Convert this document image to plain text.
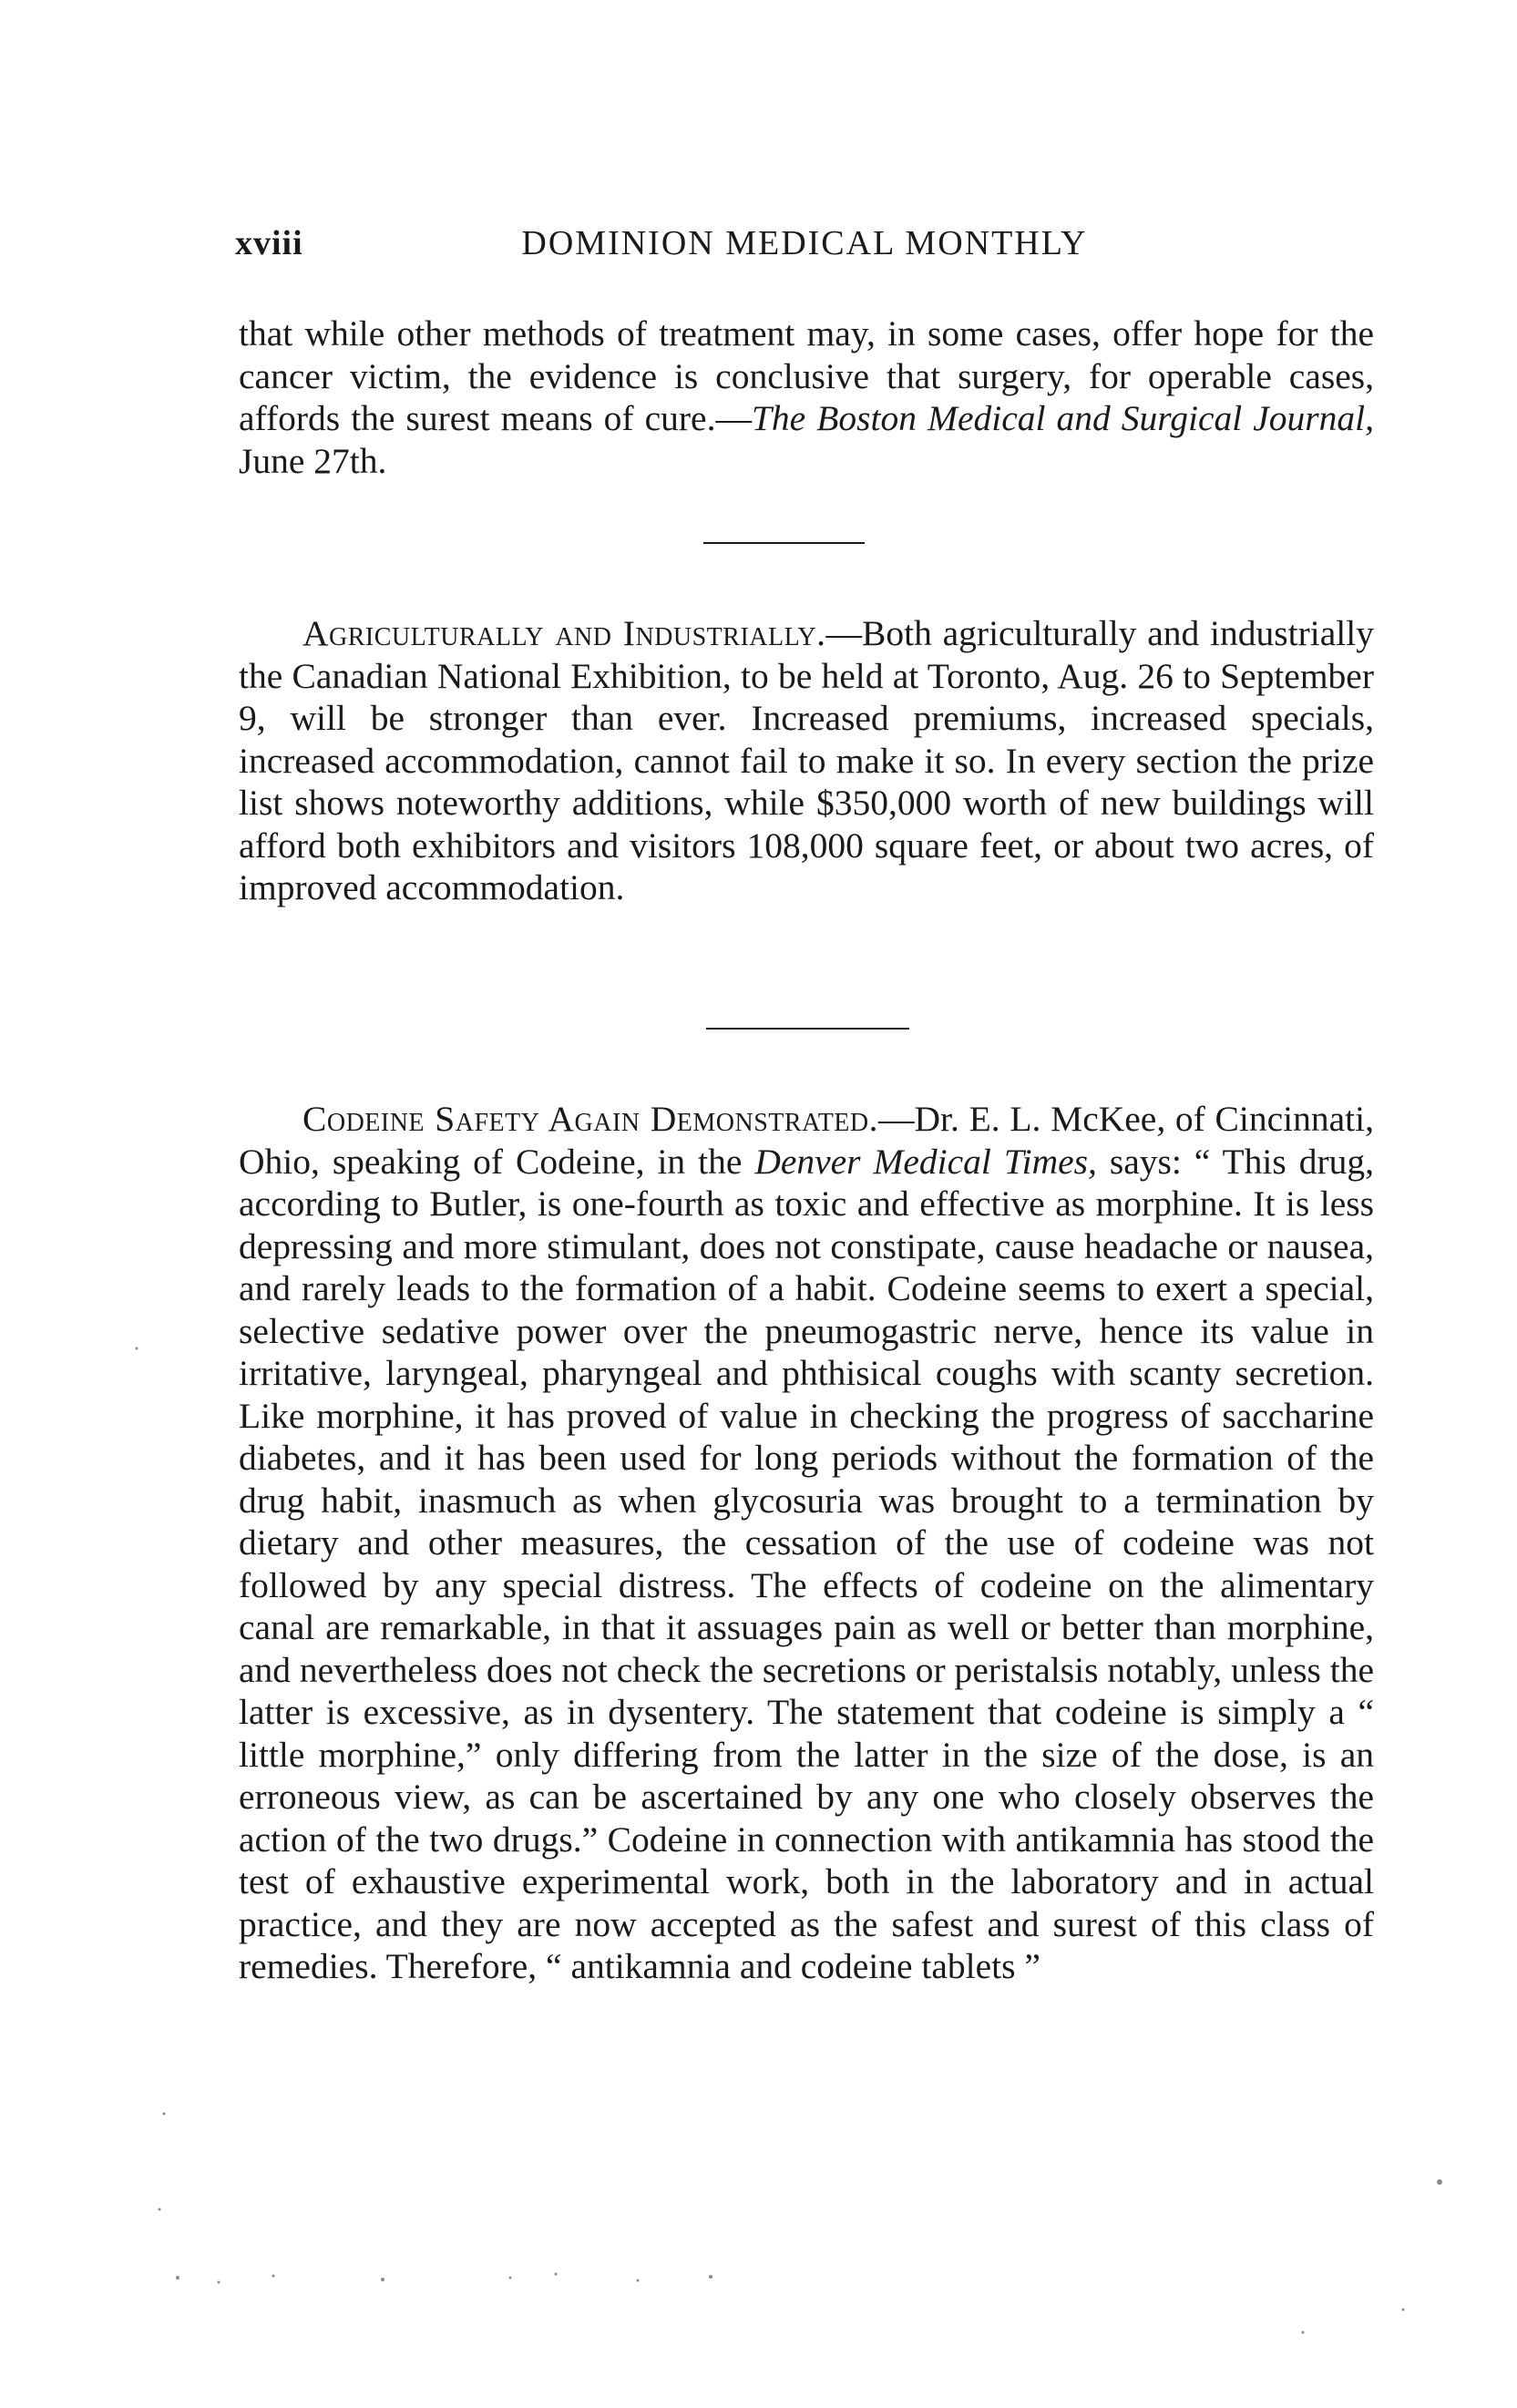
xviii	DOMINION MEDICAL MONTHLY

that while other methods of treatment may, in some cases, offer hope for the cancer victim, the evidence is conclusive that surgery, for operable cases, affords the surest means of cure.—The Boston Medical and Surgical Journal, June 27th.

Agriculturally and Industrially.—Both agriculturally and industrially the Canadian National Exhibition, to be held at Toronto, Aug. 26 to September 9, will be stronger than ever. Increased premiums, increased specials, increased accommodation, cannot fail to make it so. In every section the prize list shows noteworthy additions, while $350,000 worth of new buildings will afford both exhibitors and visitors 108,000 square feet, or about two acres, of improved accommodation.

Codeine Safety Again Demonstrated.—Dr. E. L. McKee, of Cincinnati, Ohio, speaking of Codeine, in the Denver Medical Times, says: “ This drug, according to Butler, is one-fourth as toxic and effective as morphine. It is less depressing and more stimulant, does not constipate, cause headache or nausea, and rarely leads to the formation of a habit. Codeine seems to exert a special, selective sedative power over the pneumogastric nerve, hence its value in irritative, laryngeal, pharyngeal and phthisical coughs with scanty secretion. Like morphine, it has proved of value in checking the progress of saccharine diabetes, and it has been used for long periods without the formation of the drug habit, inasmuch as when glycosuria was brought to a termination by dietary and other measures, the cessation of the use of codeine was not followed by any special distress. The effects of codeine on the alimentary canal are remarkable, in that it assuages pain as well or better than morphine, and nevertheless does not check the secretions or peristalsis notably, unless the latter is excessive, as in dysentery. The statement that codeine is simply a “ little morphine,” only differing from the latter in the size of the dose, is an erroneous view, as can be ascertained by any one who closely observes the action of the two drugs.” Codeine in connection with antikamnia has stood the test of exhaustive experimental work, both in the laboratory and in actual practice, and they are now accepted as the safest and surest of this class of remedies. Therefore, “ antikamnia and codeine tablets ”
